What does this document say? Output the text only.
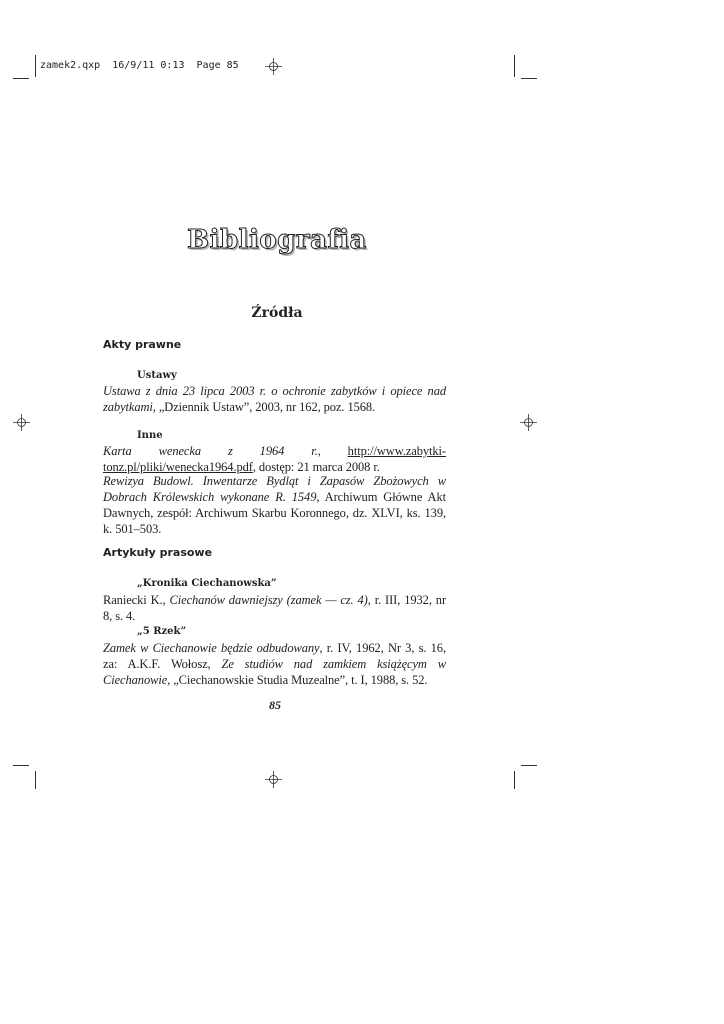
zamek2.qxp  16/9/11 0:13  Page 85
Bibliografia
Źródła
Akty prawne
Ustawy
Ustawa z dnia 23 lipca 2003 r. o ochronie zabytków i opiece nad zabytkami, „Dziennik Ustaw”, 2003, nr 162, poz. 1568.
Inne
Karta wenecka z 1964 r., http://www.zabytki-tonz.pl/pliki/wenecka1964.pdf, dostęp: 21 marca 2008 r.
Rewizya Budowl. Inwentarze Bydląt i Zapasów Zbożowych w Dobrach Królewskich wykonane R. 1549, Archiwum Główne Akt Dawnych, zespół: Archiwum Skarbu Koronnego, dz. XLVI, ks. 139, k. 501–503.
Artykuły prasowe
„Kronika Ciechanowska”
Raniecki K., Ciechanów dawniejszy (zamek — cz. 4), r. III, 1932, nr 8, s. 4.
„5 Rzek”
Zamek w Ciechanowie będzie odbudowany, r. IV, 1962, Nr 3, s. 16, za: A.K.F. Wołosz, Ze studiów nad zamkiem książęcym w Ciechanowie, „Ciechanowskie Studia Muzealne”, t. I, 1988, s. 52.
85
